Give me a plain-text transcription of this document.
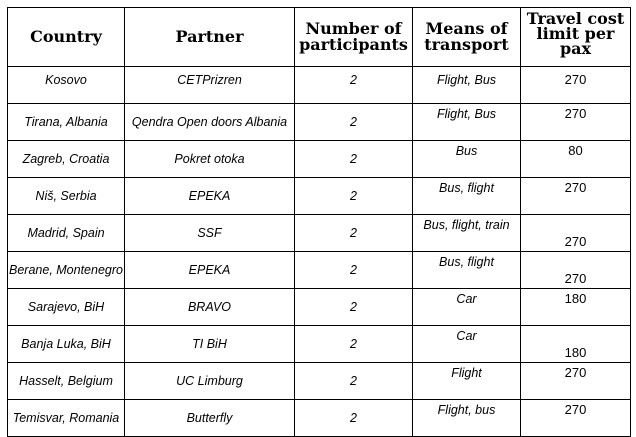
Country	Partner	Number of participants	Means of transport	Travel cost limit per pax
Kosovo	CETPrizren	2	Flight, Bus	270
Tirana, Albania	Qendra Open doors Albania	2	Flight, Bus	270
Zagreb, Croatia	Pokret otoka	2	Bus	80
Niš, Serbia	EPEKA	2	Bus, flight	270
Madrid, Spain	SSF	2	Bus, flight, train	270
Berane, Montenegro	EPEKA	2	Bus, flight	270
Sarajevo, BiH	BRAVO	2	Car	180
Banja Luka, BiH	TI BiH	2	Car	180
Hasselt, Belgium	UC Limburg	2	Flight	270
Temisvar, Romania	Butterfly	2	Flight, bus	270
